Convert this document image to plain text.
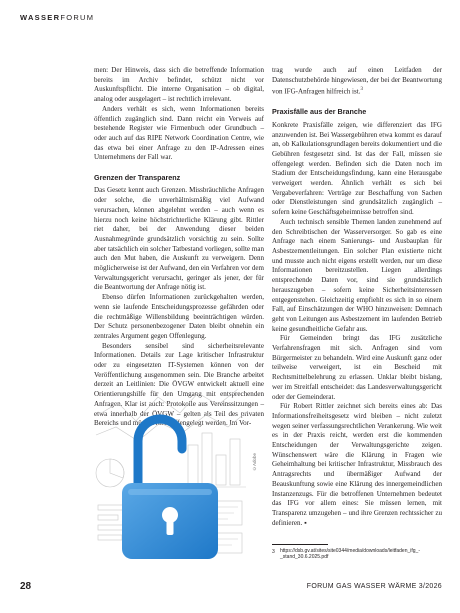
WASSERFORUM

men: Der Hinweis, dass sich die betreffende Information bereits im Archiv befindet, schützt nicht vor Auskunftspflicht. Die interne Organisation – ob digital, analog oder ausgelagert – ist rechtlich irrelevant.

Anders verhält es sich, wenn Informationen bereits öffentlich zugänglich sind. Dann reicht ein Verweis auf bestehende Register wie Firmenbuch oder Grundbuch – oder auch auf das RIPE Network Coordination Centre, wie das etwa bei einer Anfrage zu den IP-Adressen eines Unternehmens der Fall war.

Grenzen der Transparenz

Das Gesetz kennt auch Grenzen. Missbräuchliche Anfragen oder solche, die unverhältnismäßig viel Aufwand verursachen, können abgelehnt werden – auch wenn es hierzu noch keine höchstrichterliche Klärung gibt. Rittler riet daher, bei der Anwendung dieser beiden Ausnahmegründe grundsätzlich vorsichtig zu sein. Sollte aber tatsächlich ein solcher Tatbestand vorliegen, sollte man auch den Mut haben, die Auskunft zu verweigern. Denn möglicherweise ist der Aufwand, den ein Verfahren vor dem Verwaltungsgericht verursacht, geringer als jener, der für die Beantwortung der Anfrage nötig ist.

Ebenso dürfen Informationen zurückgehalten werden, wenn sie laufende Entscheidungsprozesse gefährden oder die rechtmäßige Willensbildung beeinträchtigen würden. Der Schutz personenbezogener Daten bleibt ohnehin ein zentrales Argument gegen Offenlegung.

Besonders sensibel sind sicherheitsrelevante Informationen. Details zur Lage kritischer Infrastruktur oder zu eingesetzten IT-Systemen können von der Veröffentlichung ausgenommen sein. Die Branche arbeitet derzeit an Leitlinien: Die ÖVGW entwickelt aktuell eine Orientierungshilfe für den Umgang mit entsprechenden Anfragen. Klar ist auch: Protokolle aus Vereinssitzungen – etwa innerhalb der ÖVGW – gelten als Teil des privaten Bereichs und müssen nicht offengelegt werden. Im Vor-

trag wurde auch auf einen Leitfaden der Datenschutzbehörde hingewiesen, der bei der Beantwortung von IFG-Anfragen hilfreich ist.$^3$

Praxisfälle aus der Branche

Konkrete Praxisfälle zeigen, wie differenziert das IFG anzuwenden ist. Bei Wassergebühren etwa kommt es darauf an, ob Kalkulationsgrundlagen bereits dokumentiert und die Gebühren festgesetzt sind. Ist das der Fall, müssen sie offengelegt werden. Befinden sich die Daten noch im Stadium der Entscheidungsfindung, kann eine Herausgabe verweigert werden. Ähnlich verhält es sich bei Vergabeverfahren: Verträge zur Beschaffung von Sachen oder Dienstleistungen sind grundsätzlich zugänglich – sofern keine Geschäftsgeheimnisse betroffen sind.

Auch technisch sensible Themen landen zunehmend auf den Schreibtischen der Wasserversorger. So gab es eine Anfrage nach einem Sanierungs- und Ausbauplan für Asbestzementleitungen. Ein solcher Plan existierte nicht und musste auch nicht eigens erstellt werden, nur um diese Informationen bereitzustellen. Liegen allerdings entsprechende Daten vor, sind sie grundsätzlich herauszugeben – sofern keine Sicherheitsinteressen entgegenstehen. Gleichzeitig empfiehlt es sich in so einem Fall, auf Einschätzungen der WHO hinzuweisen: Demnach geht von Leitungen aus Asbestzement im laufenden Betrieb keine gesundheitliche Gefahr aus.

Für Gemeinden bringt das IFG zusätzliche Verfahrensfragen mit sich. Anfragen sind vom Bürgermeister zu behandeln. Wird eine Auskunft ganz oder teilweise verweigert, ist ein Bescheid mit Rechtsmittelbelehrung zu erlassen. Unklar bleibt bislang, wer im Streitfall entscheidet: das Landesverwaltungsgericht oder der Gemeinderat.

Für Robert Rittler zeichnet sich bereits eines ab: Das Informationsfreiheitsgesetz wird bleiben – nicht zuletzt wegen seiner verfassungsrechtlichen Verankerung. Wie weit es in der Praxis reicht, werden erst die kommenden Entscheidungen der Verwaltungsgerichte zeigen. Wünschenswert wäre die Klärung in Fragen wie Geheimhaltung bei kritischer Infrastruktur, Missbrauch des Antragsrechts und übermäßiger Aufwand der Beauskunftung sowie eine Klärung des innergemeindlichen Instanzenzugs. Für die betroffenen Unternehmen bedeutet das IFG vor allem eines: Sie müssen lernen, mit Transparenz umzugehen – und ihre Grenzen rechtssicher zu definieren. ▪

©Adobe
3	https://dsb.gv.at/sites/site0344/media/downloads/leitfaden_ifg_-_stand_30.6.2025.pdf
28	FORUM GAS WASSER WÄRME 3/2026
